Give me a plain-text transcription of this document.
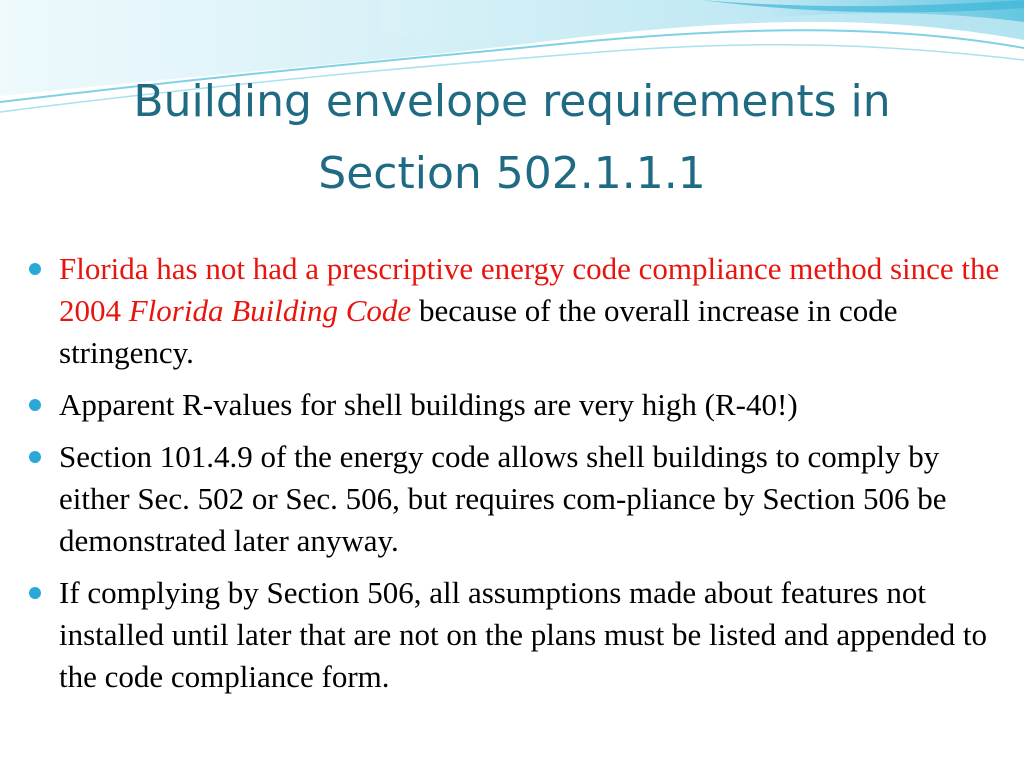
Building envelope requirements in
Section 502.1.1.1
Florida has not had a prescriptive energy code compliance method since the 2004 Florida Building Code because of the overall increase in code stringency.
Apparent R-values for shell buildings are very high (R-40!)
Section 101.4.9 of the energy code allows shell buildings to comply by either Sec. 502 or Sec. 506, but requires com-pliance by Section 506 be demonstrated later anyway.
If complying by Section 506, all assumptions made about features not installed until later that are not on the plans must be listed and appended to the code compliance form.
